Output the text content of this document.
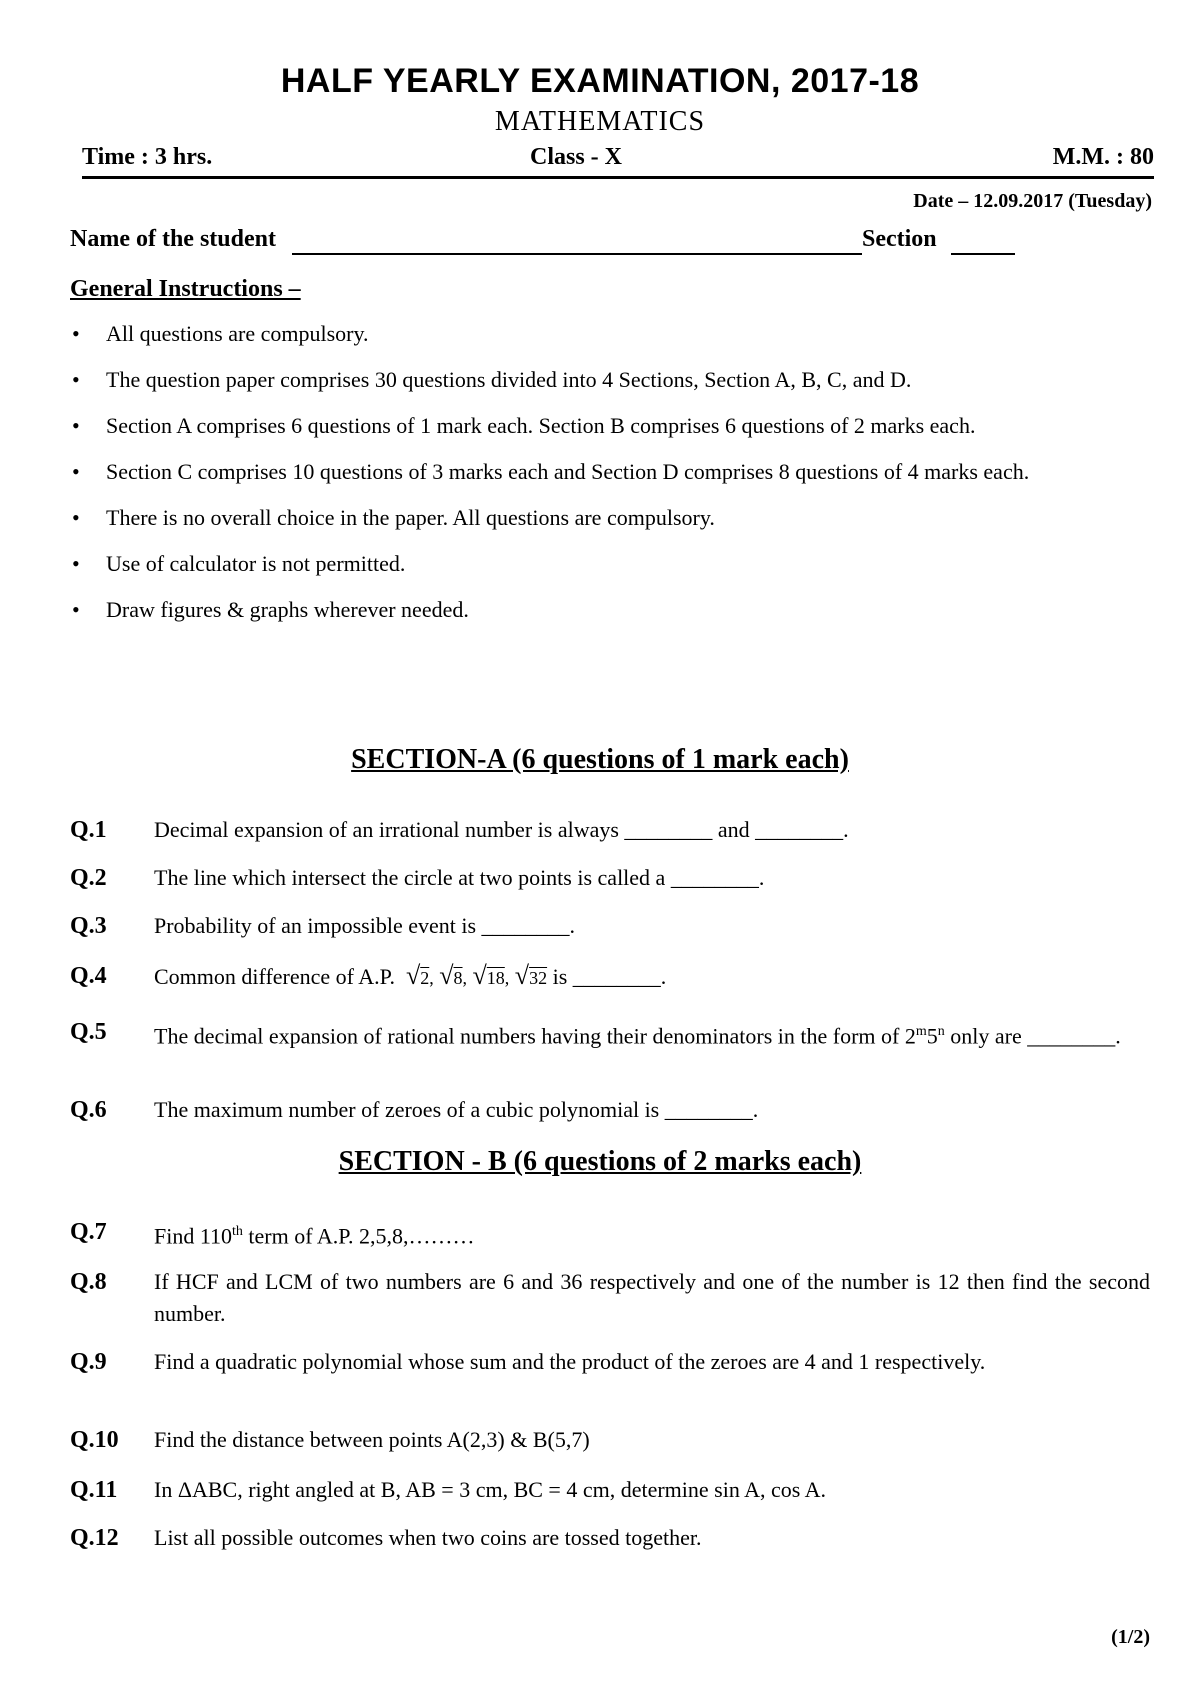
HALF YEARLY EXAMINATION, 2017-18
MATHEMATICS
Time : 3 hrs.	Class - X	M.M. : 80
Date – 12.09.2017 (Tuesday)
Name of the student	Section
General Instructions –
• All questions are compulsory.
• The question paper comprises 30 questions divided into 4 Sections, Section A, B, C, and D.
• Section A comprises 6 questions of 1 mark each. Section B comprises 6 questions of 2 marks each.
• Section C comprises 10 questions of 3 marks each and Section D comprises 8 questions of 4 marks each.
• There is no overall choice in the paper. All questions are compulsory.
• Use of calculator is not permitted.
• Draw figures & graphs wherever needed.
SECTION-A (6 questions of 1 mark each)
Q.1 Decimal expansion of an irrational number is always ________ and ________.
Q.2 The line which intersect the circle at two points is called a ________.
Q.3 Probability of an impossible event is ________.
Q.4 Common difference of A.P. √2, √8, √18, √32 is ________.
Q.5 The decimal expansion of rational numbers having their denominators in the form of 2$^m$5$^n$ only are ________.
Q.6 The maximum number of zeroes of a cubic polynomial is ________.
SECTION - B (6 questions of 2 marks each)
Q.7 Find 110th term of A.P. 2,5,8,………
Q.8 If HCF and LCM of two numbers are 6 and 36 respectively and one of the number is 12 then find the second number.
Q.9 Find a quadratic polynomial whose sum and the product of the zeroes are 4 and 1 respectively.
Q.10 Find the distance between points A(2,3) & B(5,7)
Q.11 In ΔABC, right angled at B, AB = 3 cm, BC = 4 cm, determine sin A, cos A.
Q.12 List all possible outcomes when two coins are tossed together.
(1/2)
